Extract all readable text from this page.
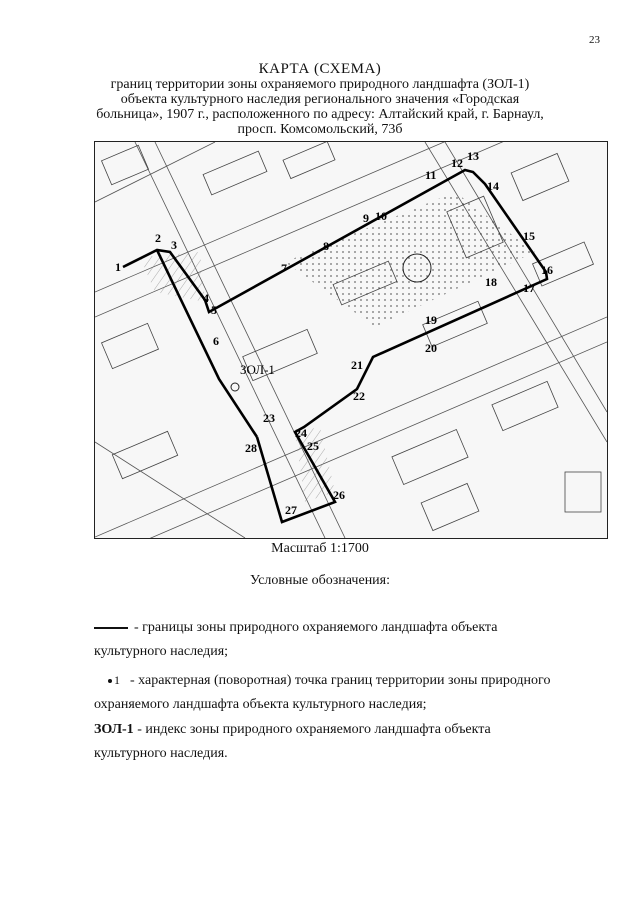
23
КАРТА (СХЕМА)
границ территории зоны охраняемого природного ландшафта (ЗОЛ-1)
объекта культурного наследия регионального значения «Городская
больница», 1907 г., расположенного по адресу: Алтайский край, г. Барнаул,
просп. Комсомольский, 73б
1
2 3
4
5
6
7
8
9 10
11
12 13
14
15
16
17
18
19
20
21
22
23
24
25
26
27
28
ЗОЛ-1
Масштаб 1:1700
Условные обозначения:
- границы зоны природного охраняемого ландшафта объекта
культурного наследия;
1 - характерная (поворотная) точка границ территории зоны природного
охраняемого ландшафта объекта культурного наследия;
ЗОЛ-1 - индекс зоны природного охраняемого ландшафта объекта
культурного наследия.
